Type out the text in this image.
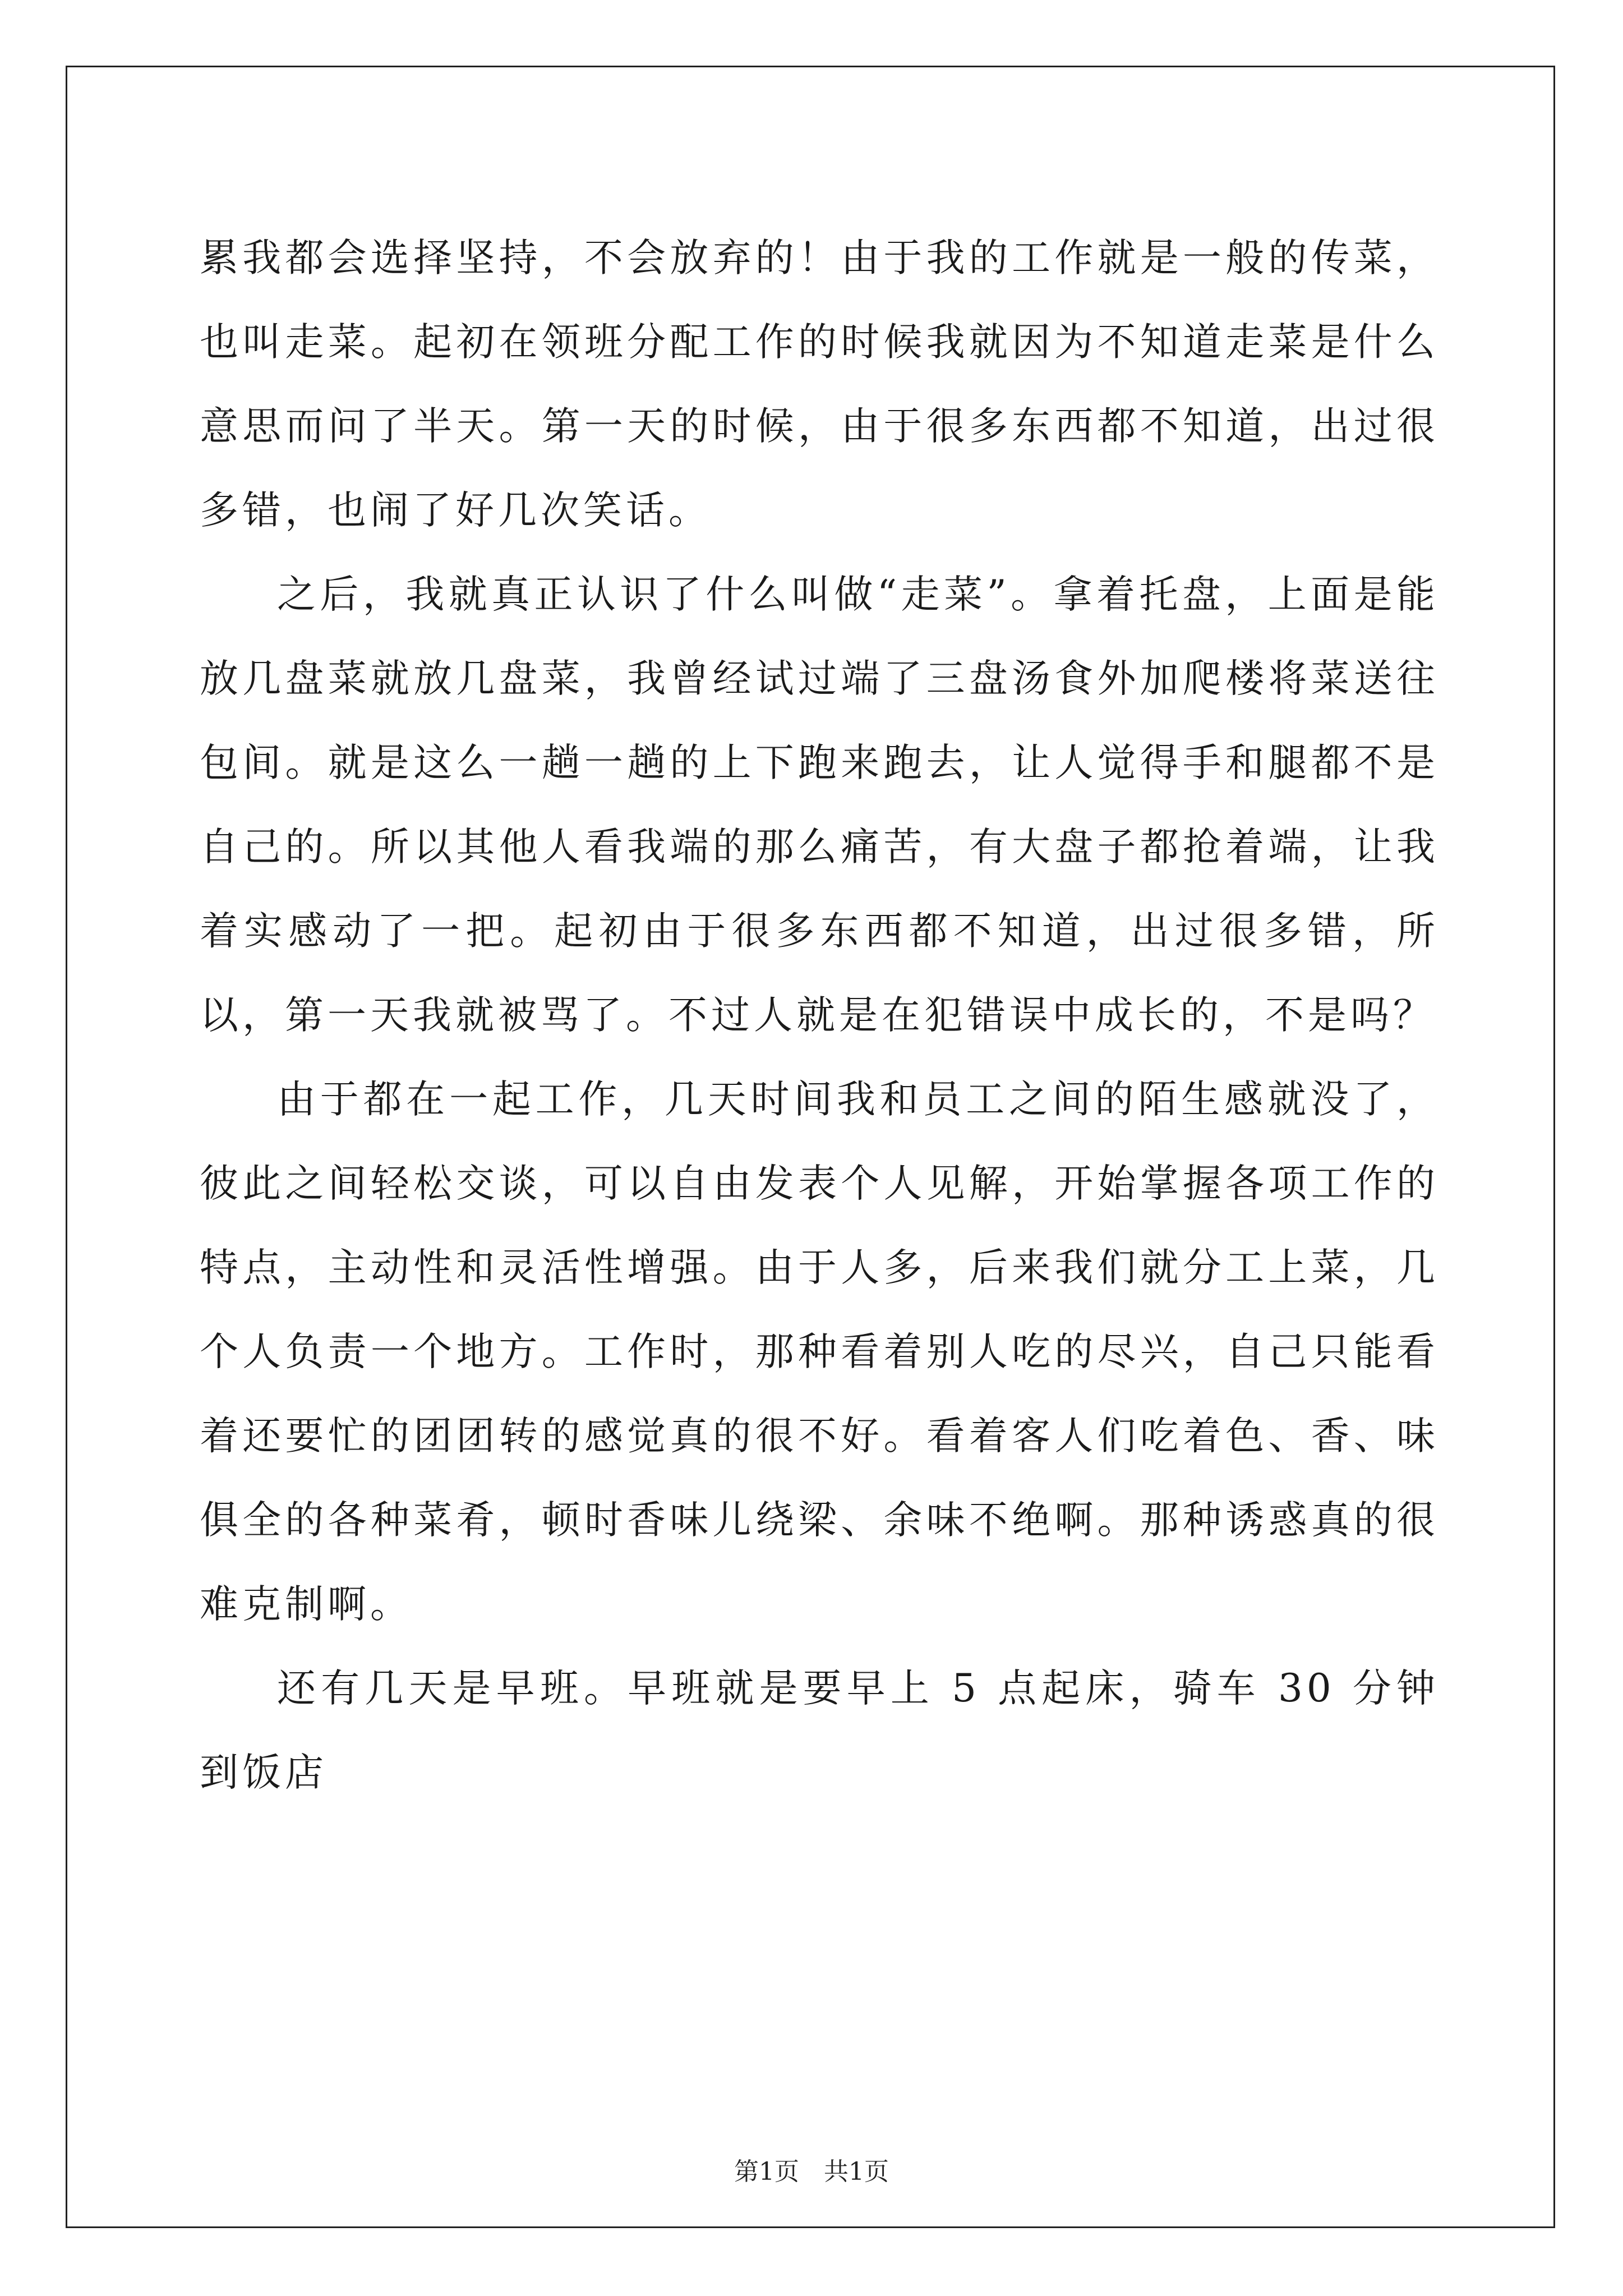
累我都会选择坚持，不会放弃的！由于我的工作就是一般的传菜，也叫走菜。起初在领班分配工作的时候我就因为不知道走菜是什么意思而问了半天。第一天的时候，由于很多东西都不知道，出过很多错，也闹了好几次笑话。

之后，我就真正认识了什么叫做“走菜”。拿着托盘，上面是能放几盘菜就放几盘菜，我曾经试过端了三盘汤食外加爬楼将菜送往包间。就是这么一趟一趟的上下跑来跑去，让人觉得手和腿都不是自己的。所以其他人看我端的那么痛苦，有大盘子都抢着端，让我着实感动了一把。起初由于很多东西都不知道，出过很多错，所以，第一天我就被骂了。不过人就是在犯错误中成长的，不是吗？

由于都在一起工作，几天时间我和员工之间的陌生感就没了，彼此之间轻松交谈，可以自由发表个人见解，开始掌握各项工作的特点，主动性和灵活性增强。由于人多，后来我们就分工上菜，几个人负责一个地方。工作时，那种看着别人吃的尽兴，自己只能看着还要忙的团团转的感觉真的很不好。看着客人们吃着色、香、味俱全的各种菜肴，顿时香味儿绕梁、余味不绝啊。那种诱惑真的很难克制啊。

还有几天是早班。早班就是要早上 5 点起床，骑车 30 分钟到饭店

第1页　共1页
